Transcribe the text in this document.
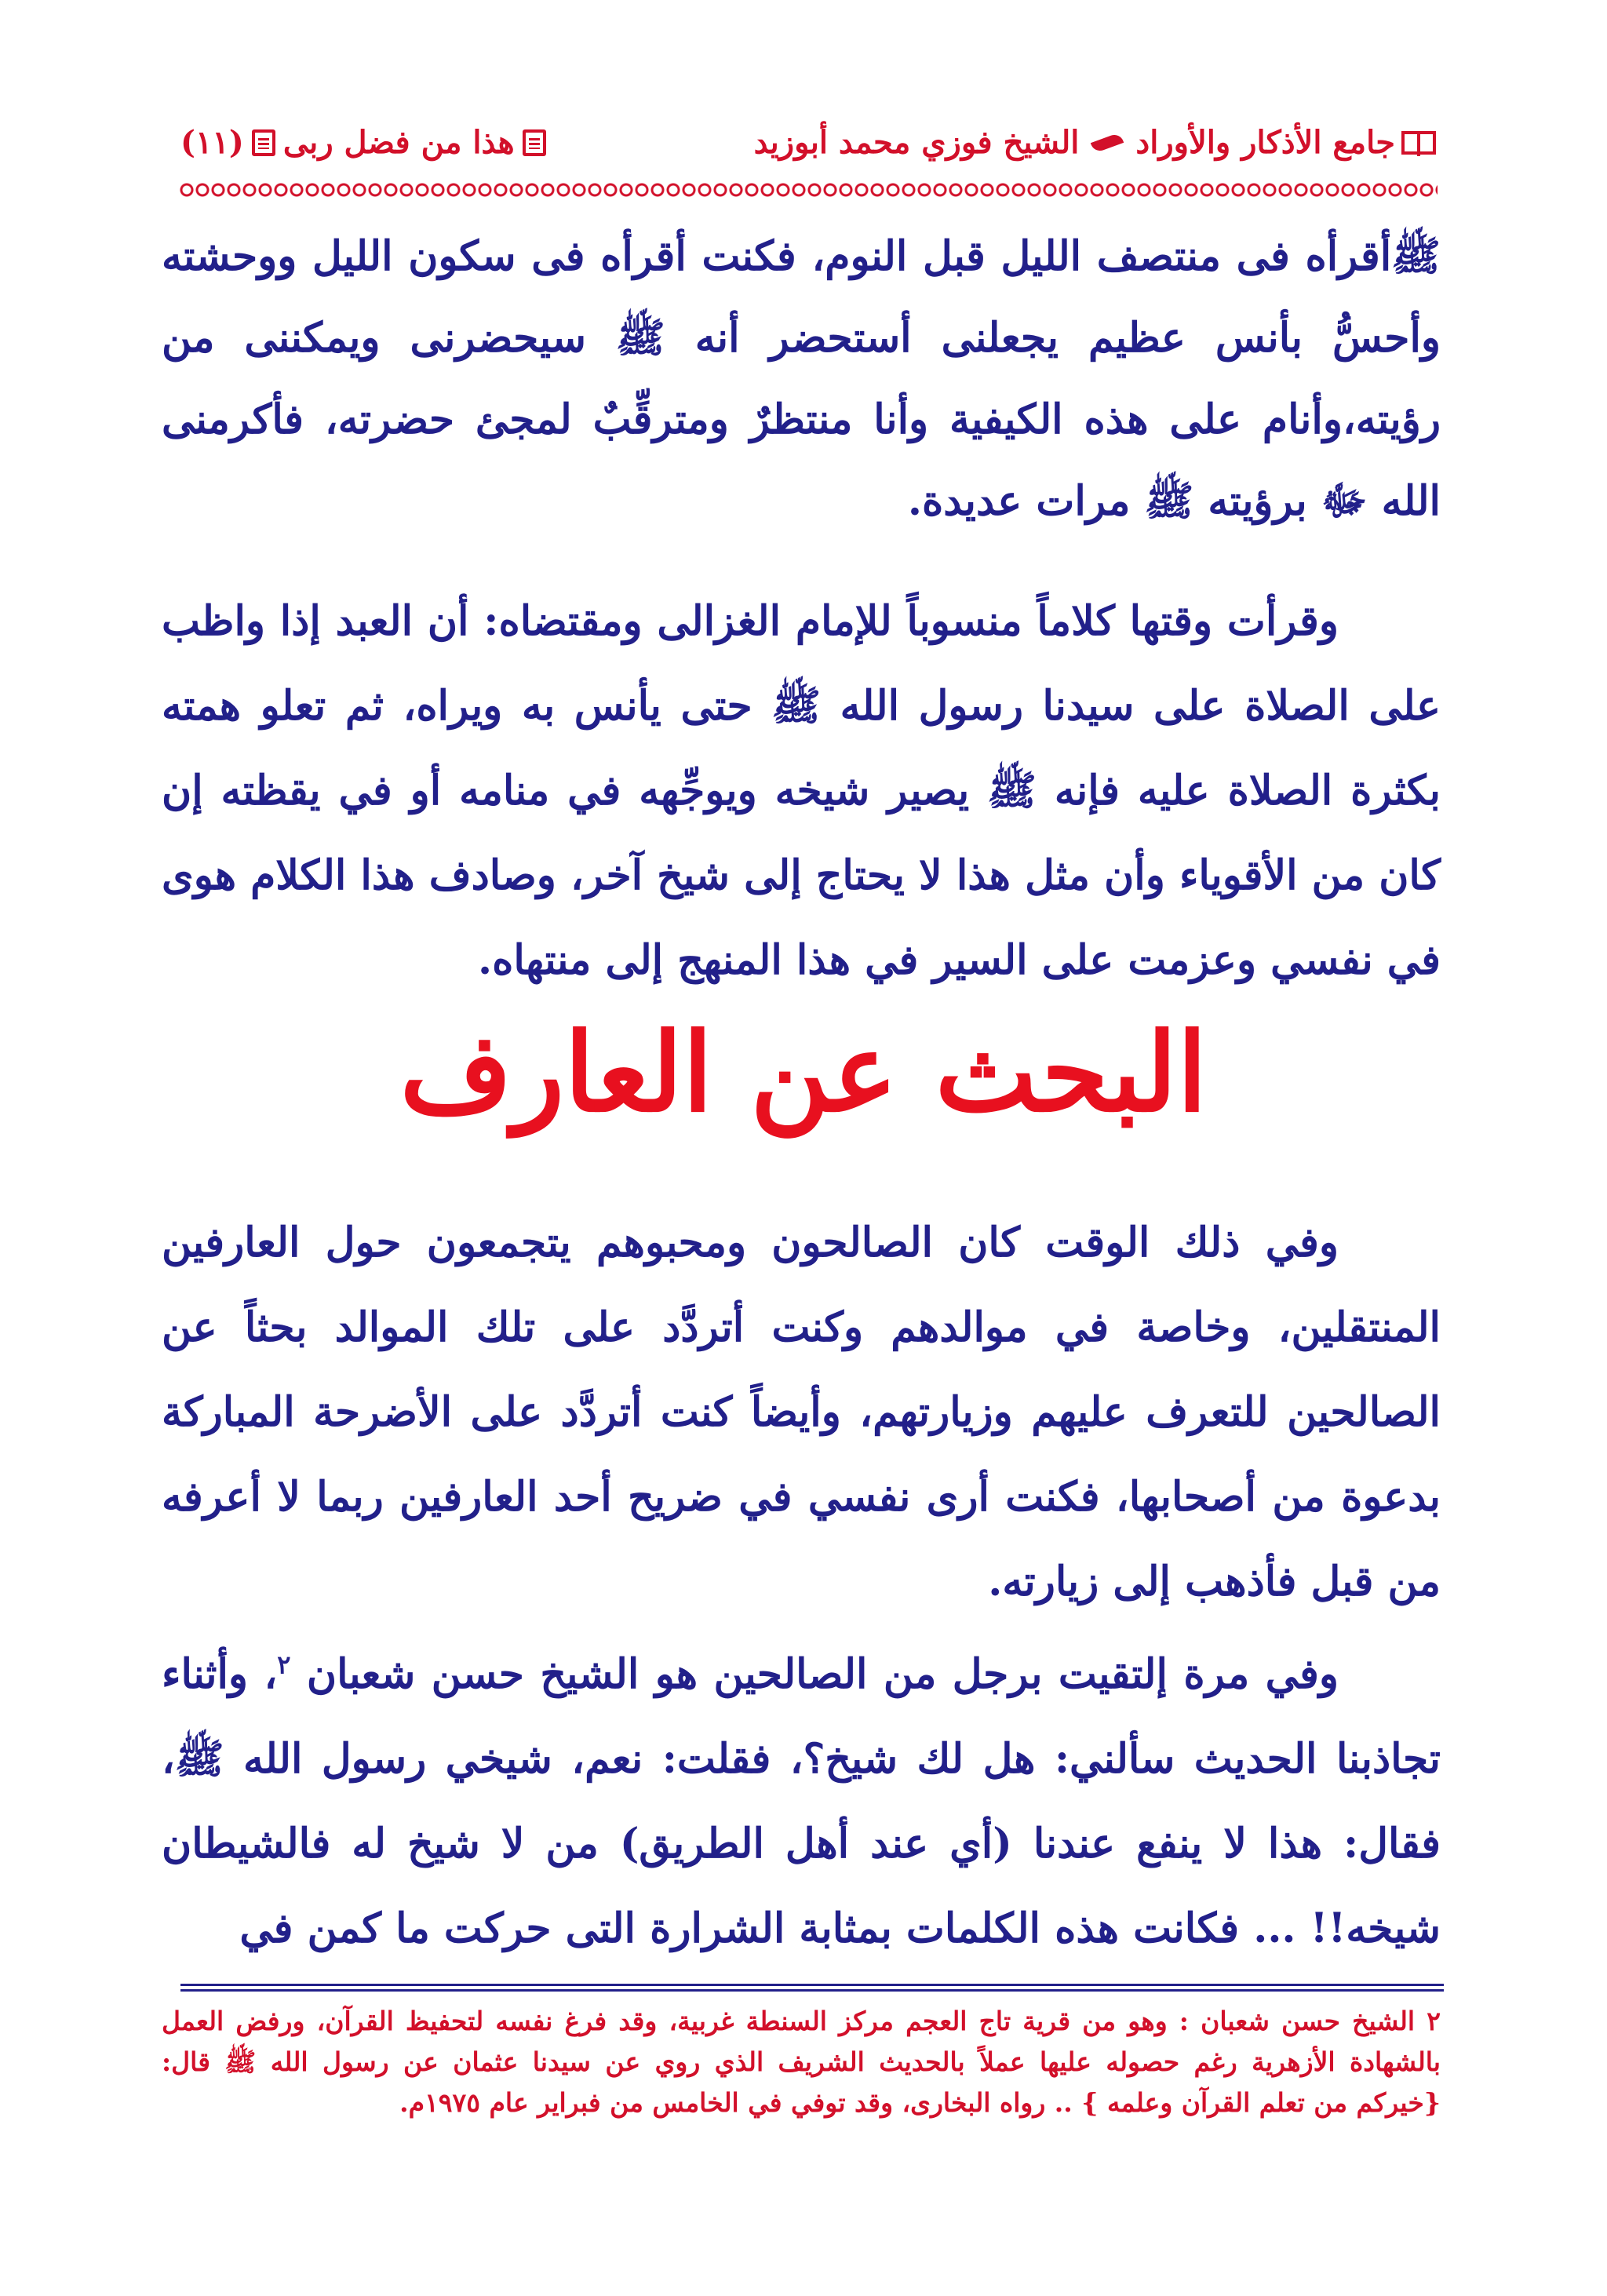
جامع الأذكار والأوراد
الشيخ فوزي محمد أبوزيد
هذا من فضل ربى
(١١)

ﷺأقرأه فى منتصف الليل قبل النوم، فكنت أقرأه فى سكون الليل ووحشته وأحسُّ بأنس عظيم يجعلنى أستحضر أنه ﷺ سيحضرنى ويمكننى من رؤيته،وأنام على هذه الكيفية وأنا منتظرٌ ومترقِّبٌ لمجئ حضرته، فأكرمنى الله ﷻ برؤيته ﷺ مرات عديدة.

وقرأت وقتها كلاماً منسوباً للإمام الغزالى ومقتضاه: أن العبد إذا واظب على الصلاة على سيدنا رسول الله ﷺ حتى يأنس به ويراه، ثم تعلو همته بكثرة الصلاة عليه فإنه ﷺ يصير شيخه ويوجِّهه في منامه أو في يقظته إن كان من الأقوياء وأن مثل هذا لا يحتاج إلى شيخ آخر، وصادف هذا الكلام هوى في نفسي وعزمت على السير في هذا المنهج إلى منتهاه.

البحث عن العارف

وفي ذلك الوقت كان الصالحون ومحبوهم يتجمعون حول العارفين المنتقلين، وخاصة في موالدهم وكنت أتردَّد على تلك الموالد بحثاً عن الصالحين للتعرف عليهم وزيارتهم، وأيضاً كنت أتردَّد على الأضرحة المباركة بدعوة من أصحابها، فكنت أرى نفسي في ضريح أحد العارفين ربما لا أعرفه من قبل فأذهب إلى زيارته.

وفي مرة إلتقيت برجل من الصالحين هو الشيخ حسن شعبان $^٢$، وأثناء تجاذبنا الحديث سألني: هل لك شيخ؟، فقلت: نعم، شيخي رسول الله ﷺ، فقال: هذا لا ينفع عندنا (أي عند أهل الطريق) من لا شيخ له فالشيطان شيخه!! ... فكانت هذه الكلمات بمثابة الشرارة التى حركت ما كمن في

٢ الشيخ حسن شعبان : وهو من قرية تاج العجم مركز السنطة غربية، وقد فرغ نفسه لتحفيظ القرآن، ورفض العمل بالشهادة الأزهرية رغم حصوله عليها عملاً بالحديث الشريف الذي روي عن سيدنا عثمان عن رسول الله ﷺ قال: {خيركم من تعلم القرآن وعلمه } .. رواه البخارى، وقد توفي في الخامس من فبراير عام ١٩٧٥م.
